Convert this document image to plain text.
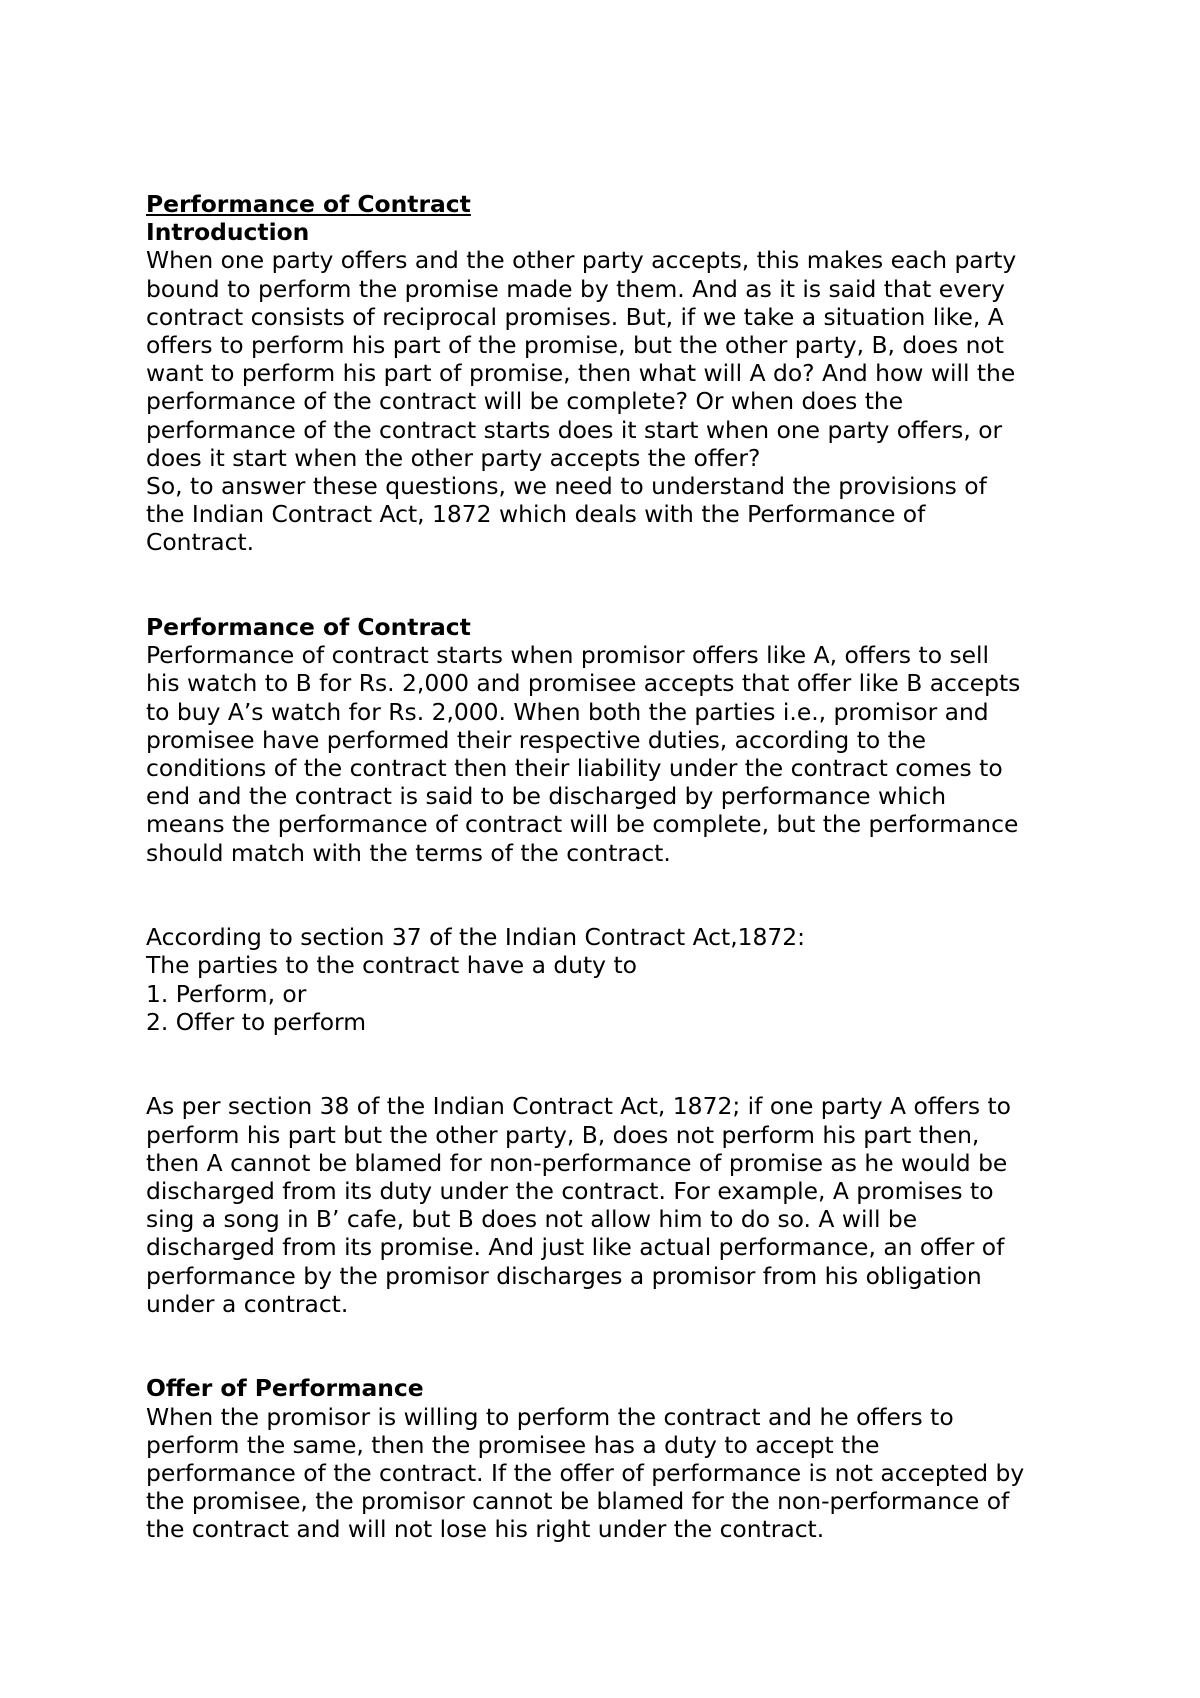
Performance of Contract
Introduction
When one party offers and the other party accepts, this makes each party
bound to perform the promise made by them. And as it is said that every
contract consists of reciprocal promises. But, if we take a situation like, A
offers to perform his part of the promise, but the other party, B, does not
want to perform his part of promise, then what will A do? And how will the
performance of the contract will be complete? Or when does the
performance of the contract starts does it start when one party offers, or
does it start when the other party accepts the offer?
So, to answer these questions, we need to understand the provisions of
the Indian Contract Act, 1872 which deals with the Performance of
Contract.
Performance of Contract
Performance of contract starts when promisor offers like A, offers to sell
his watch to B for Rs. 2,000 and promisee accepts that offer like B accepts
to buy A’s watch for Rs. 2,000. When both the parties i.e., promisor and
promisee have performed their respective duties, according to the
conditions of the contract then their liability under the contract comes to
end and the contract is said to be discharged by performance which
means the performance of contract will be complete, but the performance
should match with the terms of the contract.
According to section 37 of the Indian Contract Act,1872:
The parties to the contract have a duty to
1. Perform, or
2. Offer to perform
As per section 38 of the Indian Contract Act, 1872; if one party A offers to
perform his part but the other party, B, does not perform his part then,
then A cannot be blamed for non-performance of promise as he would be
discharged from its duty under the contract. For example, A promises to
sing a song in B’ cafe, but B does not allow him to do so. A will be
discharged from its promise. And just like actual performance, an offer of
performance by the promisor discharges a promisor from his obligation
under a contract.
Offer of Performance
When the promisor is willing to perform the contract and he offers to
perform the same, then the promisee has a duty to accept the
performance of the contract. If the offer of performance is not accepted by
the promisee, the promisor cannot be blamed for the non-performance of
the contract and will not lose his right under the contract.
